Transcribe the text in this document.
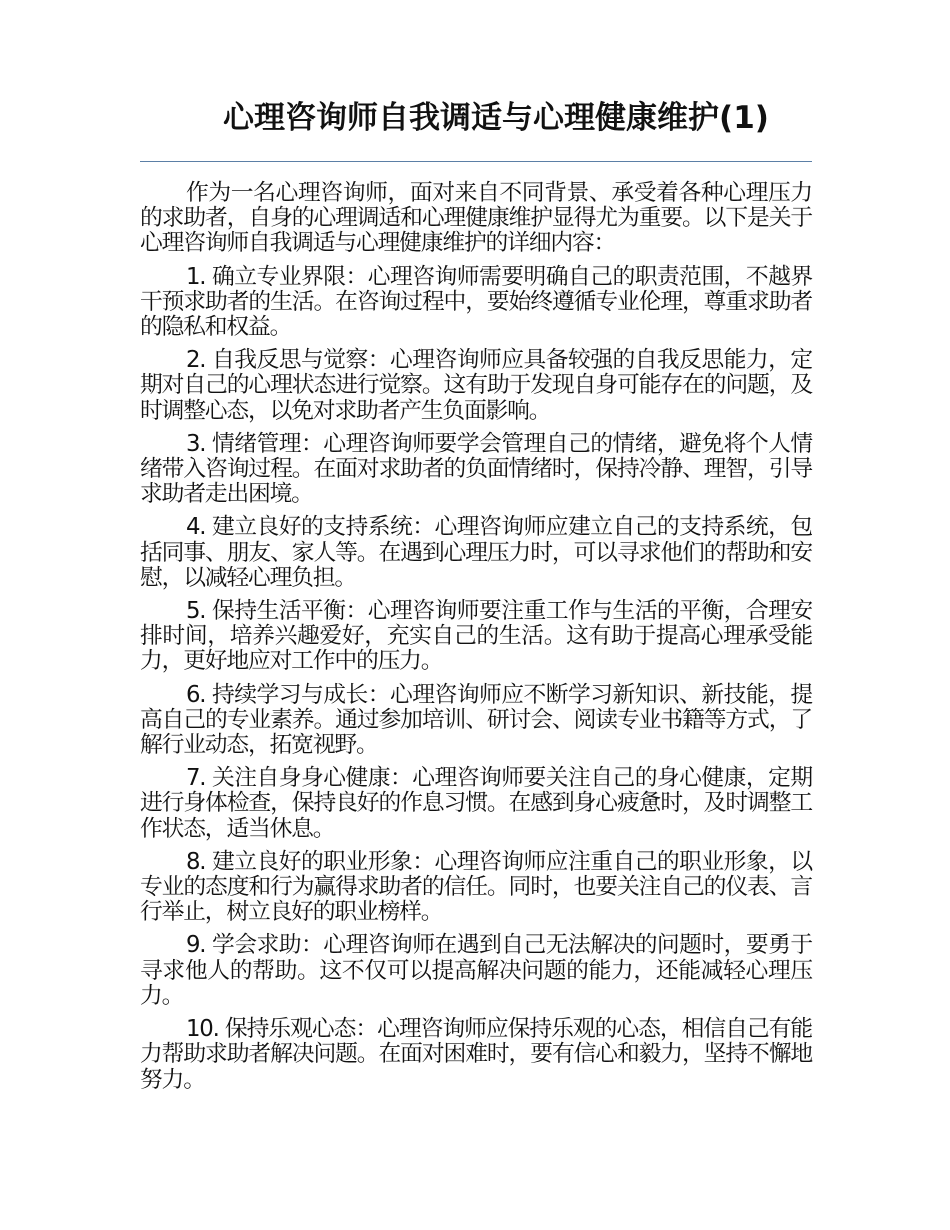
心理咨询师自我调适与心理健康维护(1)

作为一名心理咨询师，面对来自不同背景、承受着各种心理压力的求助者，自身的心理调适和心理健康维护显得尤为重要。以下是关于心理咨询师自我调适与心理健康维护的详细内容：

1. 确立专业界限：心理咨询师需要明确自己的职责范围，不越界干预求助者的生活。在咨询过程中，要始终遵循专业伦理，尊重求助者的隐私和权益。

2. 自我反思与觉察：心理咨询师应具备较强的自我反思能力，定期对自己的心理状态进行觉察。这有助于发现自身可能存在的问题，及时调整心态，以免对求助者产生负面影响。

3. 情绪管理：心理咨询师要学会管理自己的情绪，避免将个人情绪带入咨询过程。在面对求助者的负面情绪时，保持冷静、理智，引导求助者走出困境。

4. 建立良好的支持系统：心理咨询师应建立自己的支持系统，包括同事、朋友、家人等。在遇到心理压力时，可以寻求他们的帮助和安慰，以减轻心理负担。

5. 保持生活平衡：心理咨询师要注重工作与生活的平衡，合理安排时间，培养兴趣爱好，充实自己的生活。这有助于提高心理承受能力，更好地应对工作中的压力。

6. 持续学习与成长：心理咨询师应不断学习新知识、新技能，提高自己的专业素养。通过参加培训、研讨会、阅读专业书籍等方式，了解行业动态，拓宽视野。

7. 关注自身身心健康：心理咨询师要关注自己的身心健康，定期进行身体检查，保持良好的作息习惯。在感到身心疲惫时，及时调整工作状态，适当休息。

8. 建立良好的职业形象：心理咨询师应注重自己的职业形象，以专业的态度和行为赢得求助者的信任。同时，也要关注自己的仪表、言行举止，树立良好的职业榜样。

9. 学会求助：心理咨询师在遇到自己无法解决的问题时，要勇于寻求他人的帮助。这不仅可以提高解决问题的能力，还能减轻心理压力。

10. 保持乐观心态：心理咨询师应保持乐观的心态，相信自己有能力帮助求助者解决问题。在面对困难时，要有信心和毅力，坚持不懈地努力。
